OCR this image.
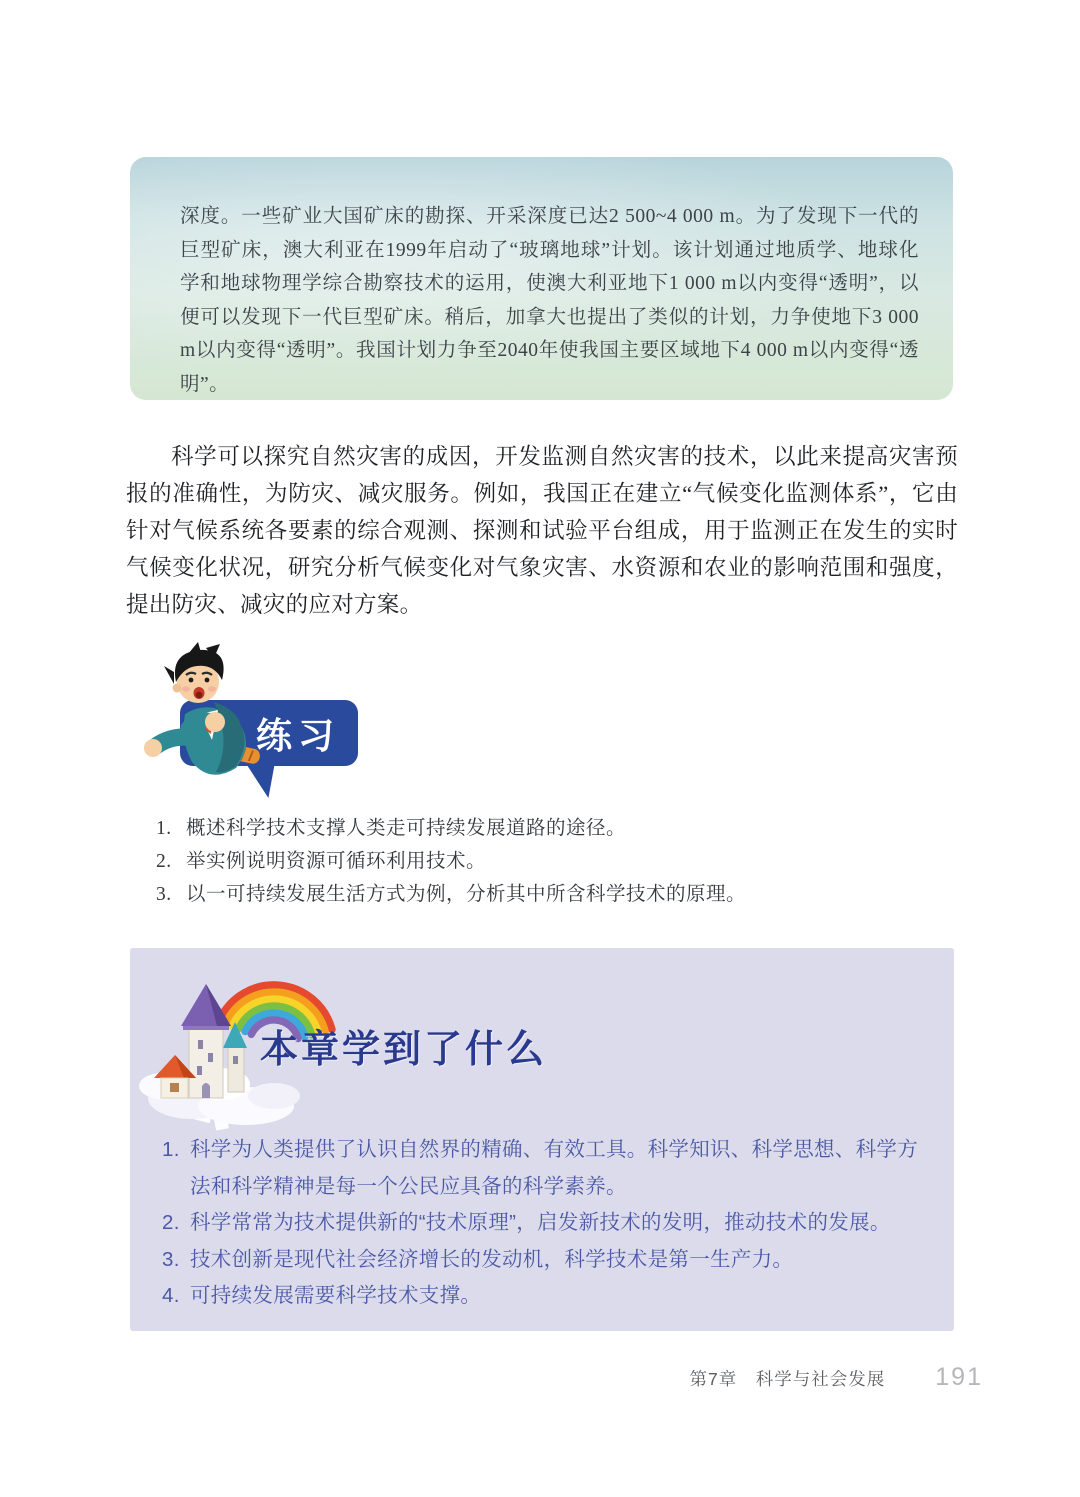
深度。一些矿业大国矿床的勘探、开采深度已达2 500~4 000 m。为了发现下一代的巨型矿床，澳大利亚在1999年启动了“玻璃地球”计划。该计划通过地质学、地球化学和地球物理学综合勘察技术的运用，使澳大利亚地下1 000 m以内变得“透明”，以便可以发现下一代巨型矿床。稍后，加拿大也提出了类似的计划，力争使地下3 000 m以内变得“透明”。我国计划力争至2040年使我国主要区域地下4 000 m以内变得“透明”。

科学可以探究自然灾害的成因，开发监测自然灾害的技术，以此来提高灾害预报的准确性，为防灾、减灾服务。例如，我国正在建立“气候变化监测体系”，它由针对气候系统各要素的综合观测、探测和试验平台组成，用于监测正在发生的实时气候变化状况，研究分析气候变化对气象灾害、水资源和农业的影响范围和强度，提出防灾、减灾的应对方案。

练习
概述科学技术支撑人类走可持续发展道路的途径。
举实例说明资源可循环利用技术。
以一可持续发展生活方式为例，分析其中所含科学技术的原理。
本章学到了什么
科学为人类提供了认识自然界的精确、有效工具。科学知识、科学思想、科学方法和科学精神是每一个公民应具备的科学素养。
科学常常为技术提供新的“技术原理”，启发新技术的发明，推动技术的发展。
技术创新是现代社会经济增长的发动机，科学技术是第一生产力。
可持续发展需要科学技术支撑。
第7章　科学与社会发展 191
